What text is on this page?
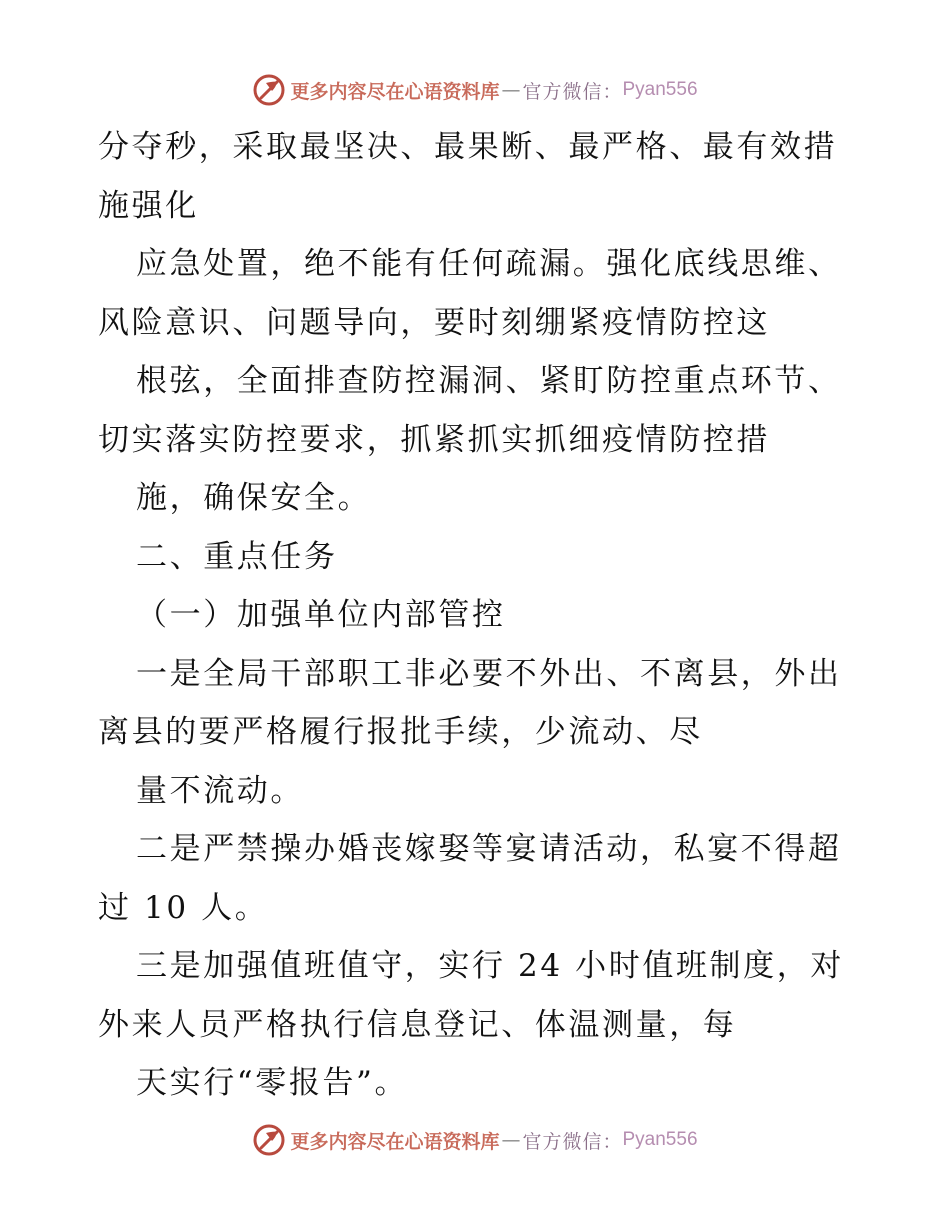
更多内容尽在心语资料库 — 官方微信： Pyan556
分夺秒，采取最坚决、最果断、最严格、最有效措
施强化
应急处置，绝不能有任何疏漏。强化底线思维、
风险意识、问题导向，要时刻绷紧疫情防控这
根弦，全面排查防控漏洞、紧盯防控重点环节、
切实落实防控要求，抓紧抓实抓细疫情防控措
施，确保安全。
二、重点任务
（一）加强单位内部管控
一是全局干部职工非必要不外出、不离县，外出
离县的要严格履行报批手续，少流动、尽
量不流动。
二是严禁操办婚丧嫁娶等宴请活动，私宴不得超
过 10 人。
三是加强值班值守，实行 24 小时值班制度，对
外来人员严格执行信息登记、体温测量，每
天实行“零报告”。
更多内容尽在心语资料库 — 官方微信： Pyan556
